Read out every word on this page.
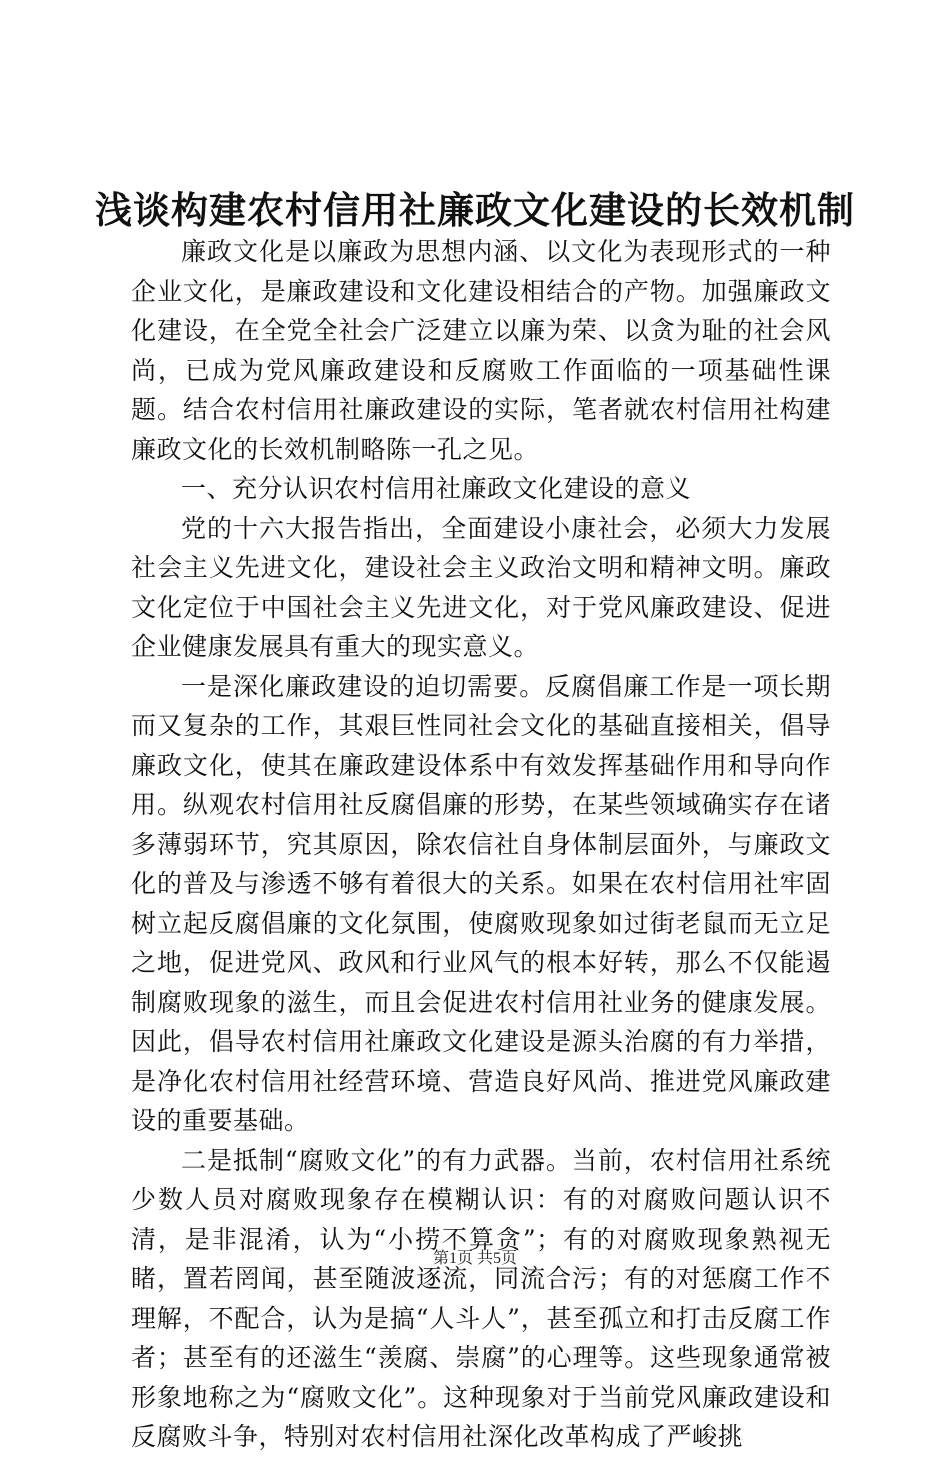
浅谈构建农村信用社廉政文化建设的长效机制

廉政文化是以廉政为思想内涵、以文化为表现形式的一种企业文化，是廉政建设和文化建设相结合的产物。加强廉政文化建设，在全党全社会广泛建立以廉为荣、以贪为耻的社会风尚，已成为党风廉政建设和反腐败工作面临的一项基础性课题。结合农村信用社廉政建设的实际，笔者就农村信用社构建廉政文化的长效机制略陈一孔之见。

一、充分认识农村信用社廉政文化建设的意义

党的十六大报告指出，全面建设小康社会，必须大力发展社会主义先进文化，建设社会主义政治文明和精神文明。廉政文化定位于中国社会主义先进文化，对于党风廉政建设、促进企业健康发展具有重大的现实意义。

一是深化廉政建设的迫切需要。反腐倡廉工作是一项长期而又复杂的工作，其艰巨性同社会文化的基础直接相关，倡导廉政文化，使其在廉政建设体系中有效发挥基础作用和导向作用。纵观农村信用社反腐倡廉的形势，在某些领域确实存在诸多薄弱环节，究其原因，除农信社自身体制层面外，与廉政文化的普及与渗透不够有着很大的关系。如果在农村信用社牢固树立起反腐倡廉的文化氛围，使腐败现象如过街老鼠而无立足之地，促进党风、政风和行业风气的根本好转，那么不仅能遏制腐败现象的滋生，而且会促进农村信用社业务的健康发展。因此，倡导农村信用社廉政文化建设是源头治腐的有力举措，是净化农村信用社经营环境、营造良好风尚、推进党风廉政建设的重要基础。

二是抵制“腐败文化”的有力武器。当前，农村信用社系统少数人员对腐败现象存在模糊认识：有的对腐败问题认识不清，是非混淆，认为“小捞不算贪”；有的对腐败现象熟视无睹，置若罔闻，甚至随波逐流，同流合污；有的对惩腐工作不理解，不配合，认为是搞“人斗人”，甚至孤立和打击反腐工作者；甚至有的还滋生“羡腐、崇腐”的心理等。这些现象通常被形象地称之为“腐败文化”。这种现象对于当前党风廉政建设和反腐败斗争，特别对农村信用社深化改革构成了严峻挑

第1页 共5页
